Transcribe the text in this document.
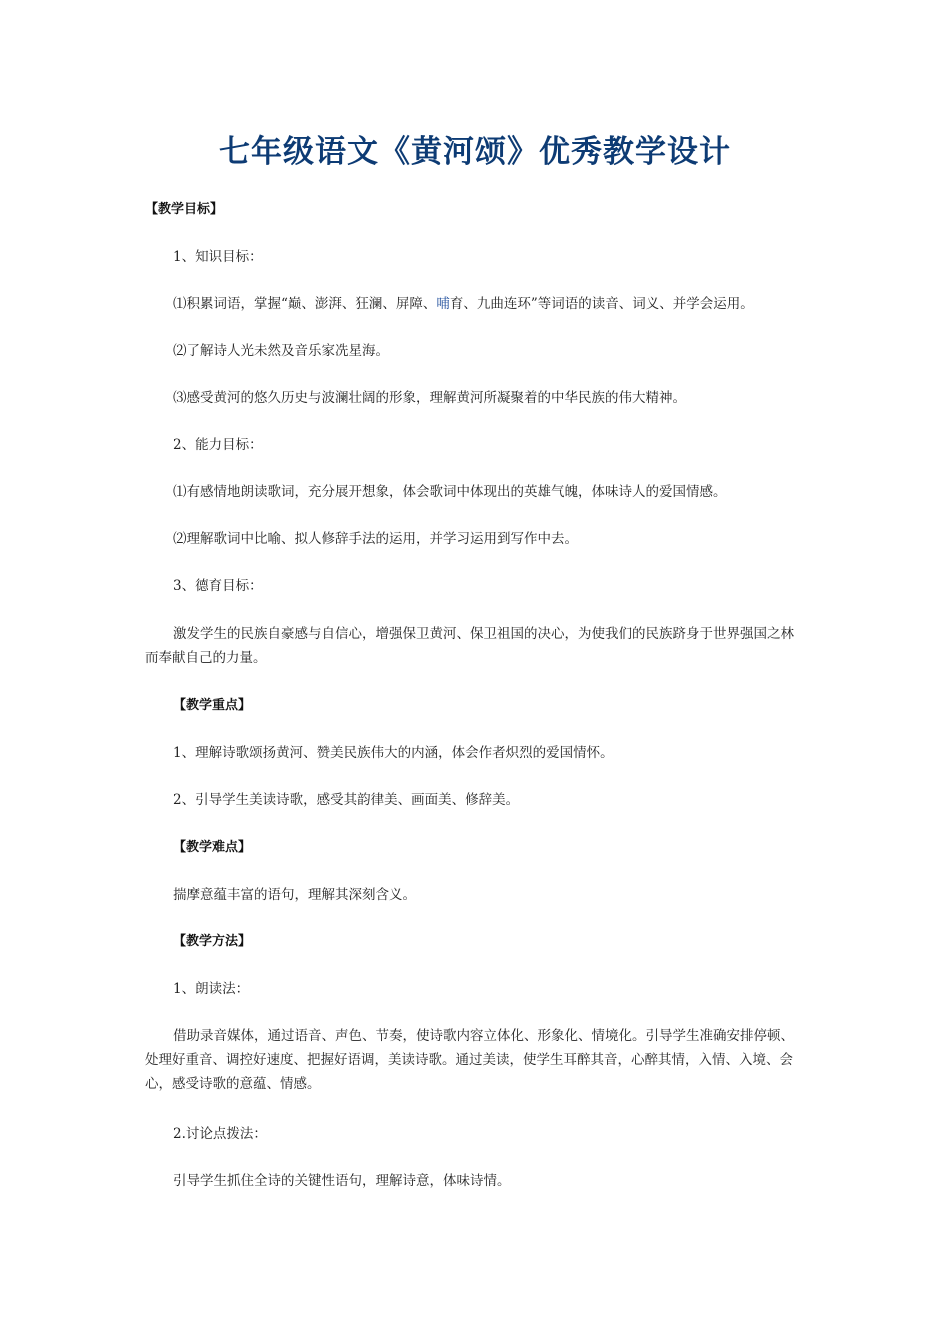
七年级语文《黄河颂》优秀教学设计
【教学目标】
1、知识目标：
⑴积累词语，掌握“巅、澎湃、狂澜、屏障、哺育、九曲连环”等词语的读音、词义、并学会运用。
⑵了解诗人光未然及音乐家冼星海。
⑶感受黄河的悠久历史与波澜壮阔的形象，理解黄河所凝聚着的中华民族的伟大精神。
2、能力目标：
⑴有感情地朗读歌词，充分展开想象，体会歌词中体现出的英雄气魄，体味诗人的爱国情感。
⑵理解歌词中比喻、拟人修辞手法的运用，并学习运用到写作中去。
3、德育目标：
激发学生的民族自豪感与自信心，增强保卫黄河、保卫祖国的决心，为使我们的民族跻身于世界强国之林而奉献自己的力量。
【教学重点】
1、理解诗歌颂扬黄河、赞美民族伟大的内涵，体会作者炽烈的爱国情怀。
2、引导学生美读诗歌，感受其韵律美、画面美、修辞美。
【教学难点】
揣摩意蕴丰富的语句，理解其深刻含义。
【教学方法】
1、朗读法：
借助录音媒体，通过语音、声色、节奏，使诗歌内容立体化、形象化、情境化。引导学生准确安排停顿、处理好重音、调控好速度、把握好语调，美读诗歌。通过美读，使学生耳醉其音，心醉其情，入情、入境、会心，感受诗歌的意蕴、情感。
2.讨论点拨法：
引导学生抓住全诗的关键性语句，理解诗意，体味诗情。
